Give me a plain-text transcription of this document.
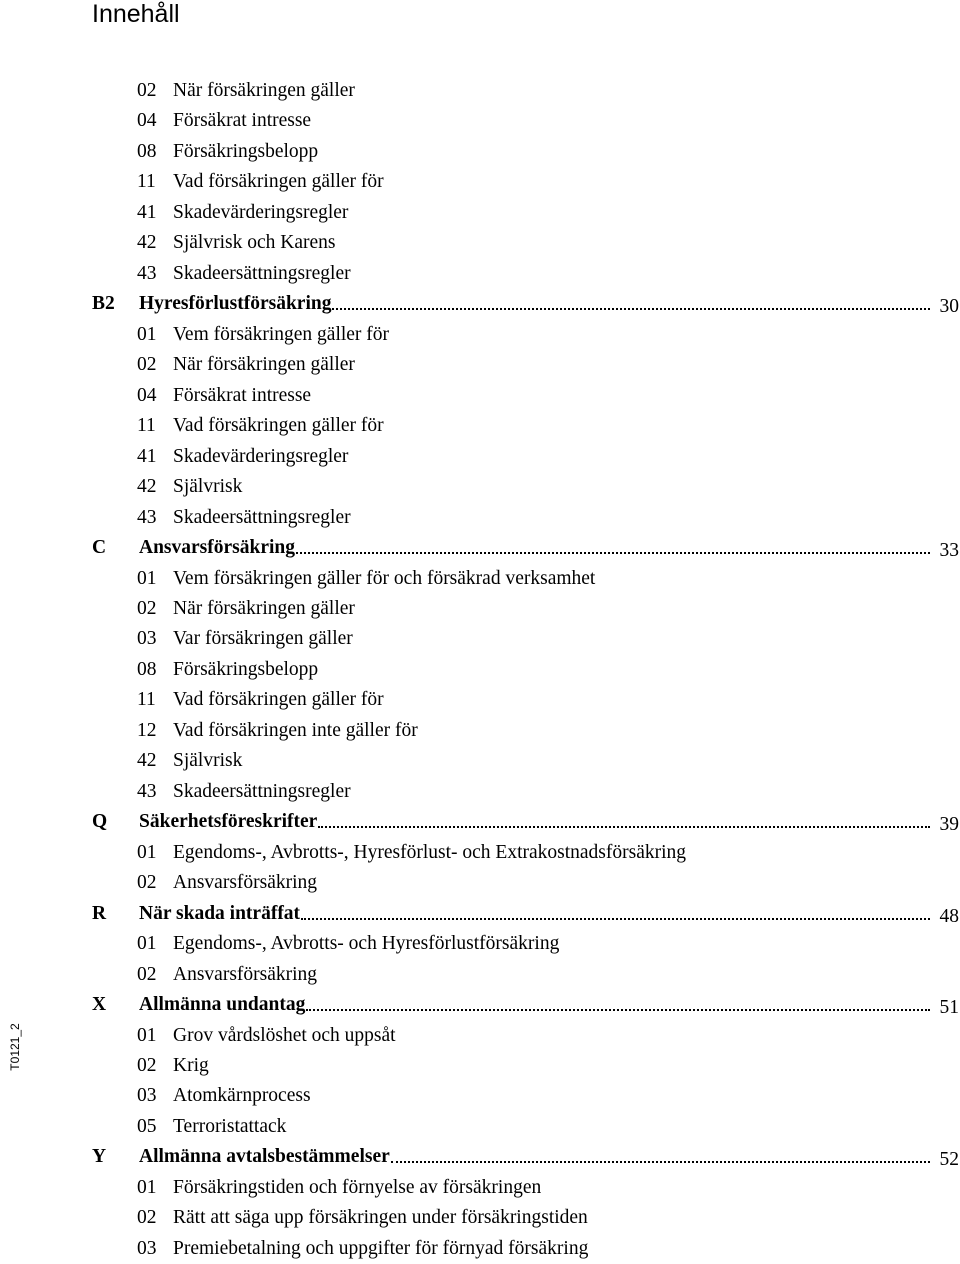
Innehåll
T0121_2
02 När försäkringen gäller
04 Försäkrat intresse
08 Försäkringsbelopp
11 Vad försäkringen gäller för
41 Skadevärderingsregler
42 Självrisk och Karens
43 Skadeersättningsregler
B2 Hyresförlustförsäkring	30
01 Vem försäkringen gäller för
02 När försäkringen gäller
04 Försäkrat intresse
11 Vad försäkringen gäller för
41 Skadevärderingsregler
42 Självrisk
43 Skadeersättningsregler
C Ansvarsförsäkring	33
01 Vem försäkringen gäller för och försäkrad verksamhet
02 När försäkringen gäller
03 Var försäkringen gäller
08 Försäkringsbelopp
11 Vad försäkringen gäller för
12 Vad försäkringen inte gäller för
42 Självrisk
43 Skadeersättningsregler
Q Säkerhetsföreskrifter	39
01 Egendoms-, Avbrotts-, Hyresförlust- och Extrakostnadsförsäkring
02 Ansvarsförsäkring
R När skada inträffat	48
01 Egendoms-, Avbrotts- och Hyresförlustförsäkring
02 Ansvarsförsäkring
X Allmänna undantag	51
01 Grov vårdslöshet och uppsåt
02 Krig
03 Atomkärnprocess
05 Terroristattack
Y Allmänna avtalsbestämmelser	52
01 Försäkringstiden och förnyelse av försäkringen
02 Rätt att säga upp försäkringen under försäkringstiden
03 Premiebetalning och uppgifter för förnyad försäkring
